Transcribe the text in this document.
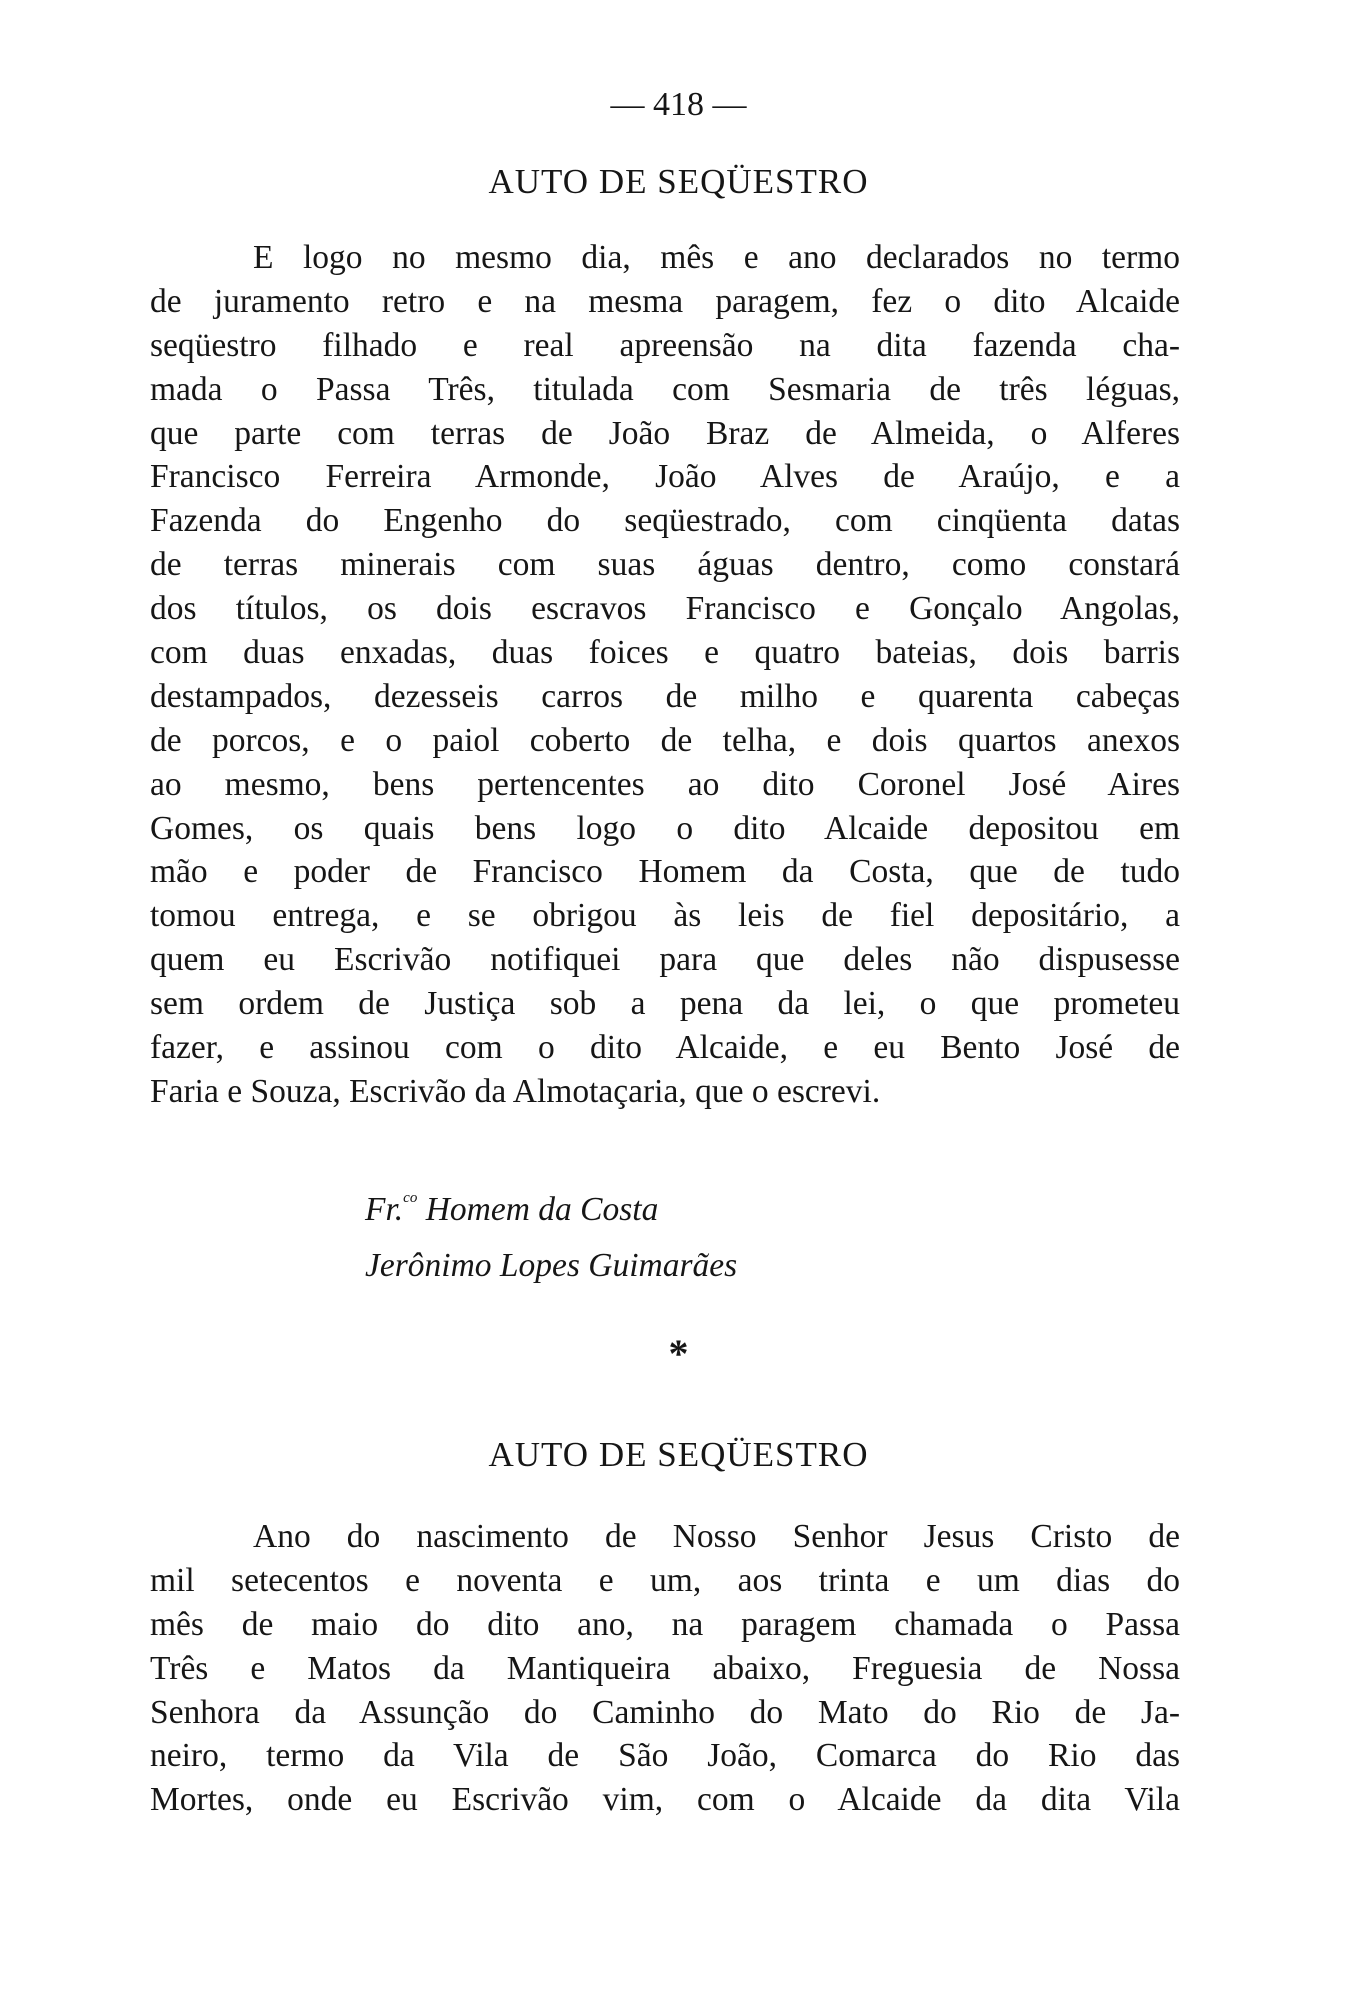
— 418 —
AUTO DE SEQÜESTRO
E logo no mesmo dia, mês e ano declarados no termo
de juramento retro e na mesma paragem, fez o dito Alcaide
seqüestro filhado e real apreensão na dita fazenda cha-
mada o Passa Três, titulada com Sesmaria de três léguas,
que parte com terras de João Braz de Almeida, o Alferes
Francisco Ferreira Armonde, João Alves de Araújo, e a
Fazenda do Engenho do seqüestrado, com cinqüenta datas
de terras minerais com suas águas dentro, como constará
dos títulos, os dois escravos Francisco e Gonçalo Angolas,
com duas enxadas, duas foices e quatro bateias, dois barris
destampados, dezesseis carros de milho e quarenta cabeças
de porcos, e o paiol coberto de telha, e dois quartos anexos
ao mesmo, bens pertencentes ao dito Coronel José Aires
Gomes, os quais bens logo o dito Alcaide depositou em
mão e poder de Francisco Homem da Costa, que de tudo
tomou entrega, e se obrigou às leis de fiel depositário, a
quem eu Escrivão notifiquei para que deles não dispusesse
sem ordem de Justiça sob a pena da lei, o que prometeu
fazer, e assinou com o dito Alcaide, e eu Bento José de
Faria e Souza, Escrivão da Almotaçaria, que o escrevi.
Fr.$^{co}$ Homem da Costa
Jerônimo Lopes Guimarães
*
AUTO DE SEQÜESTRO
Ano do nascimento de Nosso Senhor Jesus Cristo de
mil setecentos e noventa e um, aos trinta e um dias do
mês de maio do dito ano, na paragem chamada o Passa
Três e Matos da Mantiqueira abaixo, Freguesia de Nossa
Senhora da Assunção do Caminho do Mato do Rio de Ja-
neiro, termo da Vila de São João, Comarca do Rio das
Mortes, onde eu Escrivão vim, com o Alcaide da dita Vila
